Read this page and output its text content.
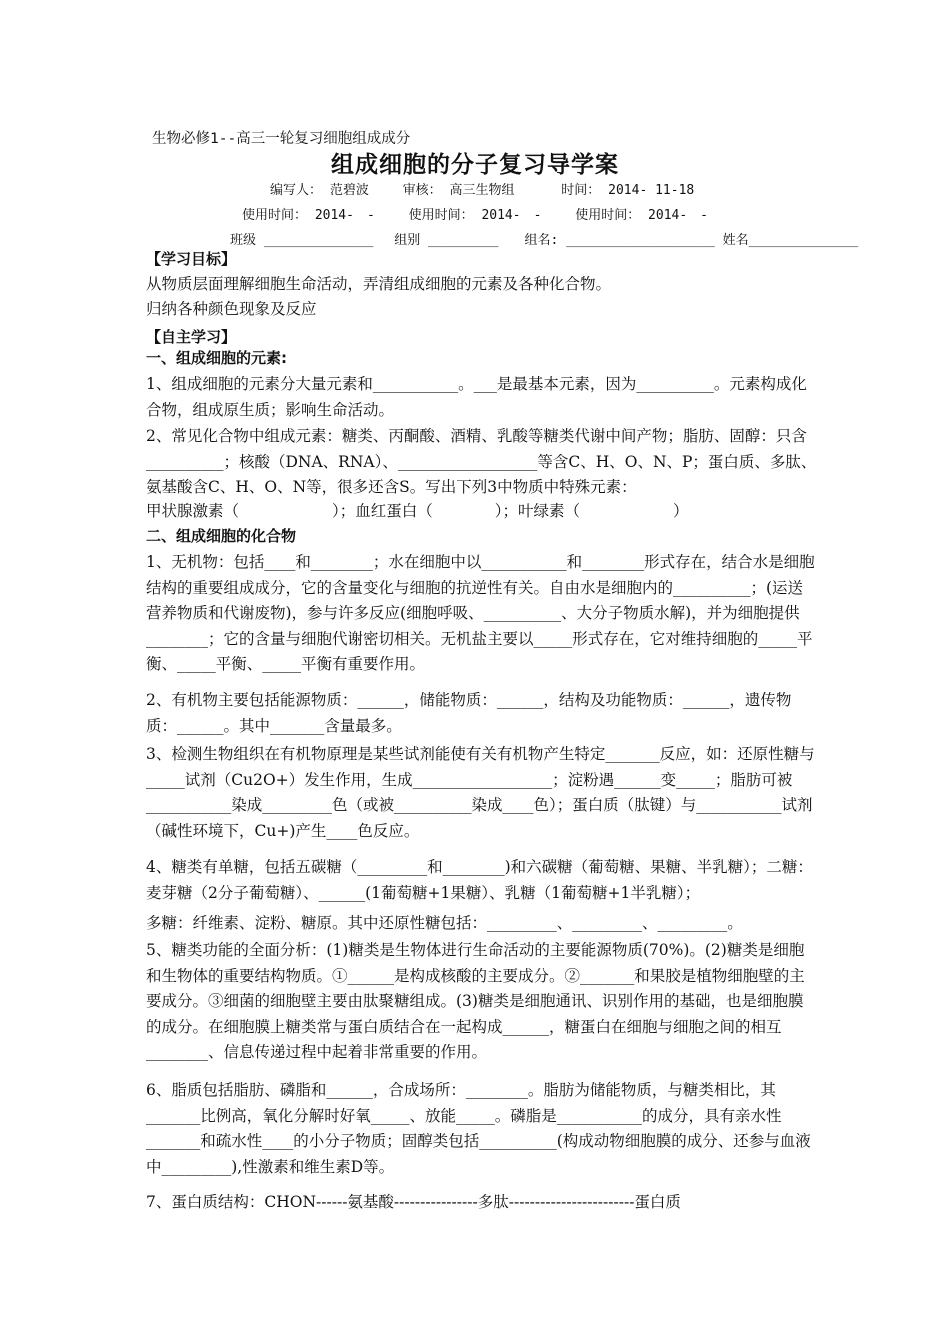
生物必修1--高三一轮复习细胞组成成分
组成细胞的分子复习导学案
编写人： 范碧波　　 审核： 高三生物组　　　 时间： 2014- 11-18
使用时间： 2014-　-　　 使用时间： 2014-　-　　 使用时间： 2014-　-
班级 ______________　 组别 _________　　组名: ___________________ 姓名______________
【学习目标】
从物质层面理解细胞生命活动，弄清组成细胞的元素及各种化合物。
归纳各种颜色现象及反应
【自主学习】
一、组成细胞的元素:
1、组成细胞的元素分大量元素和___________。___是最基本元素，因为__________。元素构成化合物，组成原生质；影响生命活动。
2、常见化合物中组成元素：糖类、丙酮酸、酒精、乳酸等糖类代谢中间产物；脂肪、固醇：只含__________；核酸（DNA、RNA）、__________________等含C、H、O、N、P；蛋白质、多肽、氨基酸含C、H、O、N等，很多还含S。写出下列3中物质中特殊元素：
甲状腺激素（　　　　　　）；血红蛋白（　　　　）；叶绿素（　　　　　　）
二、组成细胞的化合物
1、无机物：包括____和________；水在细胞中以___________和________形式存在，结合水是细胞结构的重要组成成分，它的含量变化与细胞的抗逆性有关。自由水是细胞内的__________；(运送营养物质和代谢废物)，参与许多反应(细胞呼吸、__________、大分子物质水解)，并为细胞提供________；它的含量与细胞代谢密切相关。无机盐主要以_____形式存在，它对维持细胞的_____平衡、_____平衡、_____平衡有重要作用。
2、有机物主要包括能源物质：______，储能物质：______，结构及功能物质：______，遗传物质：______。其中_______含量最多。
3、检测生物组织在有机物原理是某些试剂能使有关有机物产生特定_______反应，如：还原性糖与_____试剂（Cu2O+）发生作用，生成__________________；淀粉遇______变_____；脂肪可被___________染成_________色（或被__________染成____色）；蛋白质（肽键）与___________试剂（碱性环境下，Cu+)产生____色反应。
4、糖类有单糖，包括五碳糖（_________和________)和六碳糖（葡萄糖、果糖、半乳糖）；二糖：麦芽糖（2分子葡萄糖）、______(1葡萄糖+1果糖）、乳糖（1葡萄糖+1半乳糖）；
多糖：纤维素、淀粉、糖原。其中还原性糖包括：_________、_________、_________。
5、糖类功能的全面分析：(1)糖类是生物体进行生命活动的主要能源物质(70%)。(2)糖类是细胞和生物体的重要结构物质。①______是构成核酸的主要成分。②_______和果胶是植物细胞壁的主要成分。③细菌的细胞壁主要由肽聚糖组成。(3)糖类是细胞通讯、识别作用的基础，也是细胞膜的成分。在细胞膜上糖类常与蛋白质结合在一起构成______，糖蛋白在细胞与细胞之间的相互________、信息传递过程中起着非常重要的作用。
6、脂质包括脂肪、磷脂和______，合成场所：________。脂肪为储能物质，与糖类相比，其_______比例高，氧化分解时好氧_____、放能_____。磷脂是___________的成分，具有亲水性_______和疏水性____的小分子物质；固醇类包括__________(构成动物细胞膜的成分、还参与血液中_________),性激素和维生素D等。
7、蛋白质结构：CHON------氨基酸----------------多肽------------------------蛋白质
